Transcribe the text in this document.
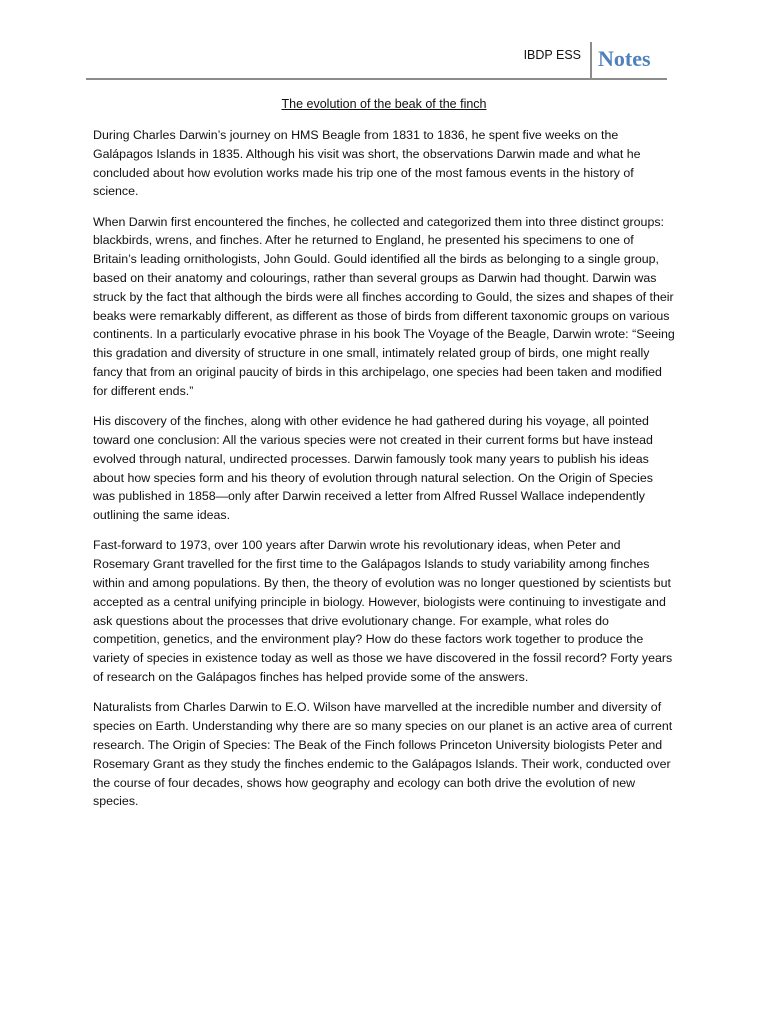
IBDP ESS Notes
The evolution of the beak of the finch

During Charles Darwin’s journey on HMS Beagle from 1831 to 1836, he spent five weeks on the Galápagos Islands in 1835. Although his visit was short, the observations Darwin made and what he concluded about how evolution works made his trip one of the most famous events in the history of science.

When Darwin first encountered the finches, he collected and categorized them into three distinct groups: blackbirds, wrens, and finches. After he returned to England, he presented his specimens to one of Britain’s leading ornithologists, John Gould. Gould identified all the birds as belonging to a single group, based on their anatomy and colourings, rather than several groups as Darwin had thought. Darwin was struck by the fact that although the birds were all finches according to Gould, the sizes and shapes of their beaks were remarkably different, as different as those of birds from different taxonomic groups on various continents. In a particularly evocative phrase in his book The Voyage of the Beagle, Darwin wrote: “Seeing this gradation and diversity of structure in one small, intimately related group of birds, one might really fancy that from an original paucity of birds in this archipelago, one species had been taken and modified for different ends.”

His discovery of the finches, along with other evidence he had gathered during his voyage, all pointed toward one conclusion: All the various species were not created in their current forms but have instead evolved through natural, undirected processes. Darwin famously took many years to publish his ideas about how species form and his theory of evolution through natural selection. On the Origin of Species was published in 1858—only after Darwin received a letter from Alfred Russel Wallace independently outlining the same ideas.

Fast-forward to 1973, over 100 years after Darwin wrote his revolutionary ideas, when Peter and Rosemary Grant travelled for the first time to the Galápagos Islands to study variability among finches within and among populations. By then, the theory of evolution was no longer questioned by scientists but accepted as a central unifying principle in biology. However, biologists were continuing to investigate and ask questions about the processes that drive evolutionary change. For example, what roles do competition, genetics, and the environment play? How do these factors work together to produce the variety of species in existence today as well as those we have discovered in the fossil record? Forty years of research on the Galápagos finches has helped provide some of the answers.

Naturalists from Charles Darwin to E.O. Wilson have marvelled at the incredible number and diversity of species on Earth. Understanding why there are so many species on our planet is an active area of current research. The Origin of Species: The Beak of the Finch follows Princeton University biologists Peter and Rosemary Grant as they study the finches endemic to the Galápagos Islands. Their work, conducted over the course of four decades, shows how geography and ecology can both drive the evolution of new species.
